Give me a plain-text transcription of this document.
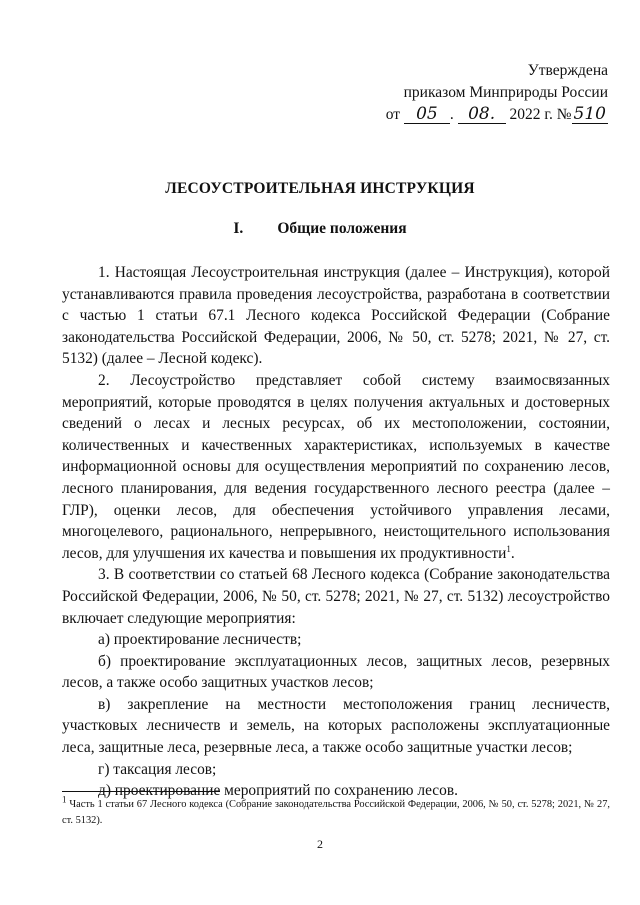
Утверждена
приказом Минприроды России
от 05 . 08. 2022 г. № 510
ЛЕСОУСТРОИТЕЛЬНАЯ ИНСТРУКЦИЯ
I. Общие положения

1. Настоящая Лесоустроительная инструкция (далее – Инструкция), которой устанавливаются правила проведения лесоустройства, разработана в соответствии с частью 1 статьи 67.1 Лесного кодекса Российской Федерации (Собрание законодательства Российской Федерации, 2006, № 50, ст. 5278; 2021, № 27, ст. 5132) (далее – Лесной кодекс).

2. Лесоустройство представляет собой систему взаимосвязанных мероприятий, которые проводятся в целях получения актуальных и достоверных сведений о лесах и лесных ресурсах, об их местоположении, состоянии, количественных и качественных характеристиках, используемых в качестве информационной основы для осуществления мероприятий по сохранению лесов, лесного планирования, для ведения государственного лесного реестра (далее – ГЛР), оценки лесов, для обеспечения устойчивого управления лесами, многоцелевого, рационального, непрерывного, неистощительного использования лесов, для улучшения их качества и повышения их продуктивности$^1$.

3. В соответствии со статьей 68 Лесного кодекса (Собрание законодательства Российской Федерации, 2006, № 50, ст. 5278; 2021, № 27, ст. 5132) лесоустройство включает следующие мероприятия:

а) проектирование лесничеств;

б) проектирование эксплуатационных лесов, защитных лесов, резервных лесов, а также особо защитных участков лесов;

в) закрепление на местности местоположения границ лесничеств, участковых лесничеств и земель, на которых расположены эксплуатационные леса, защитные леса, резервные леса, а также особо защитные участки лесов;

г) таксация лесов;

д) проектирование мероприятий по сохранению лесов.

$^1$ Часть 1 статьи 67 Лесного кодекса (Собрание законодательства Российской Федерации, 2006, № 50, ст. 5278; 2021, № 27, ст. 5132).
2
